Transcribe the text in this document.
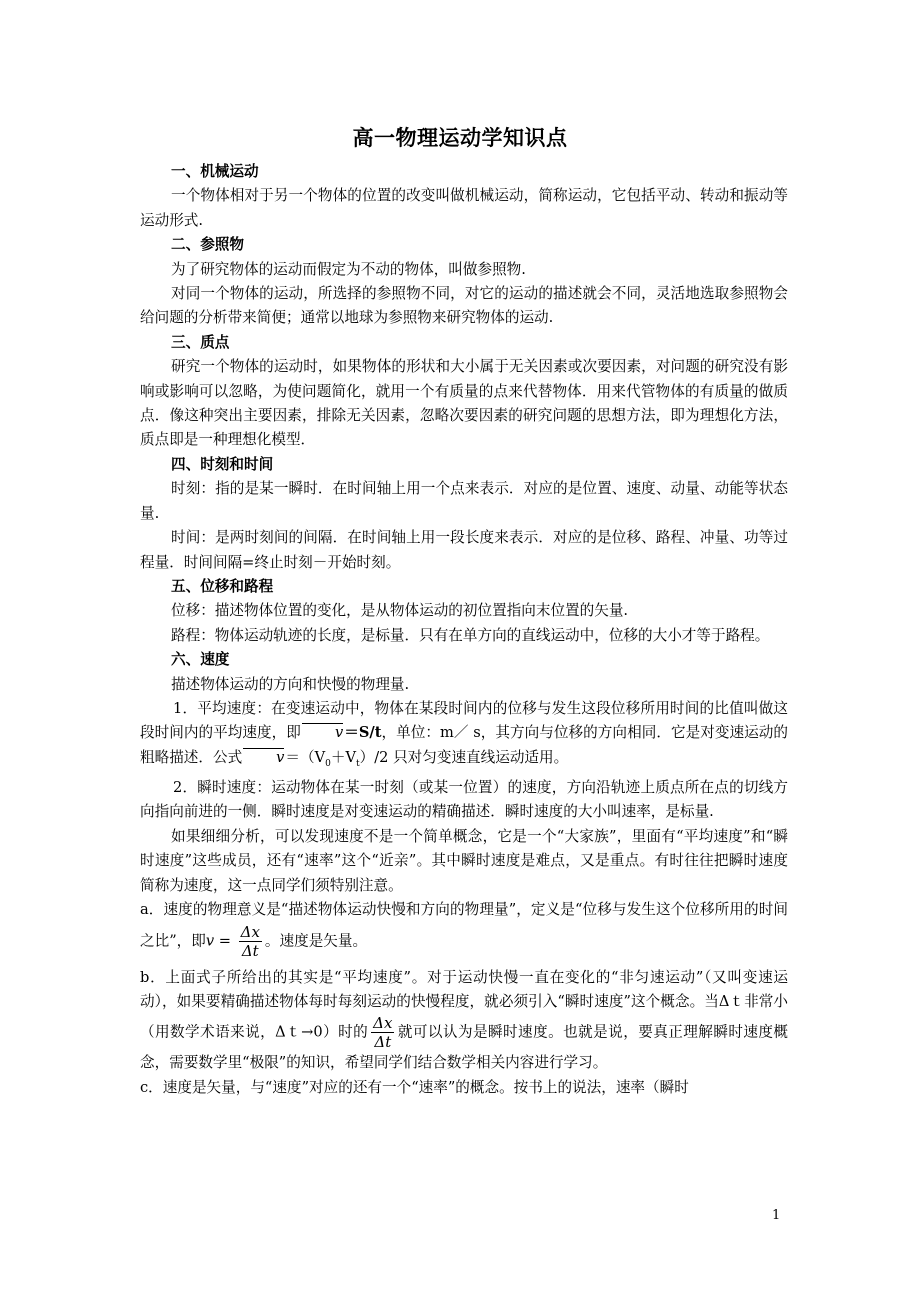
高一物理运动学知识点

一、机械运动

一个物体相对于另一个物体的位置的改变叫做机械运动，简称运动，它包括平动、转动和振动等运动形式.

二、参照物

为了研究物体的运动而假定为不动的物体，叫做参照物.

对同一个物体的运动，所选择的参照物不同，对它的运动的描述就会不同，灵活地选取参照物会给问题的分析带来简便；通常以地球为参照物来研究物体的运动.

三、质点

研究一个物体的运动时，如果物体的形状和大小属于无关因素或次要因素，对问题的研究没有影响或影响可以忽略，为使问题简化，就用一个有质量的点来代替物体．用来代管物体的有质量的做质点．像这种突出主要因素，排除无关因素，忽略次要因素的研究问题的思想方法，即为理想化方法，质点即是一种理想化模型．

四、时刻和时间

时刻：指的是某一瞬时．在时间轴上用一个点来表示．对应的是位置、速度、动量、动能等状态量.

时间：是两时刻间的间隔．在时间轴上用一段长度来表示．对应的是位移、路程、冲量、功等过程量．时间间隔=终止时刻－开始时刻。

五、位移和路程

位移：描述物体位置的变化，是从物体运动的初位置指向末位置的矢量.

路程：物体运动轨迹的长度，是标量．只有在单方向的直线运动中，位移的大小才等于路程。

六、速度

描述物体运动的方向和快慢的物理量.

1．平均速度：在变速运动中，物体在某段时间内的位移与发生这段位移所用时间的比值叫做这段时间内的平均速度，即 v＝S/t，单位：m／ s，其方向与位移的方向相同．它是对变速运动的粗略描述．公式 $v=(V_0+V_t)/2$ 只对匀变速直线运动适用。

2．瞬时速度：运动物体在某一时刻（或某一位置）的速度，方向沿轨迹上质点所在点的切线方向指向前进的一侧．瞬时速度是对变速运动的精确描述．瞬时速度的大小叫速率，是标量.

如果细细分析，可以发现速度不是一个简单概念，它是一个“大家族”，里面有“平均速度”和“瞬时速度”这些成员，还有“速率”这个“近亲”。其中瞬时速度是难点，又是重点。有时往往把瞬时速度简称为速度，这一点同学们须特别注意。

a．速度的物理意义是“描述物体运动快慢和方向的物理量”，定义是“位移与发生这个位移所用的时间之比”，即$v = \frac{\Delta x}{\Delta t}$ 。速度是矢量。

b．上面式子所给出的其实是“平均速度”。对于运动快慢一直在变化的“非匀速运动”（又叫变速运动），如果要精确描述物体每时每刻运动的快慢程度，就必须引入“瞬时速度”这个概念。当Δｔ非常小（用数学术语来说，Δｔ→0）时的 $\frac{\Delta x}{\Delta t}$ 就可以认为是瞬时速度。也就是说，要真正理解瞬时速度概念，需要数学里“极限”的知识，希望同学们结合数学相关内容进行学习。

c．速度是矢量，与“速度”对应的还有一个“速率”的概念。按书上的说法，速率（瞬时

1
